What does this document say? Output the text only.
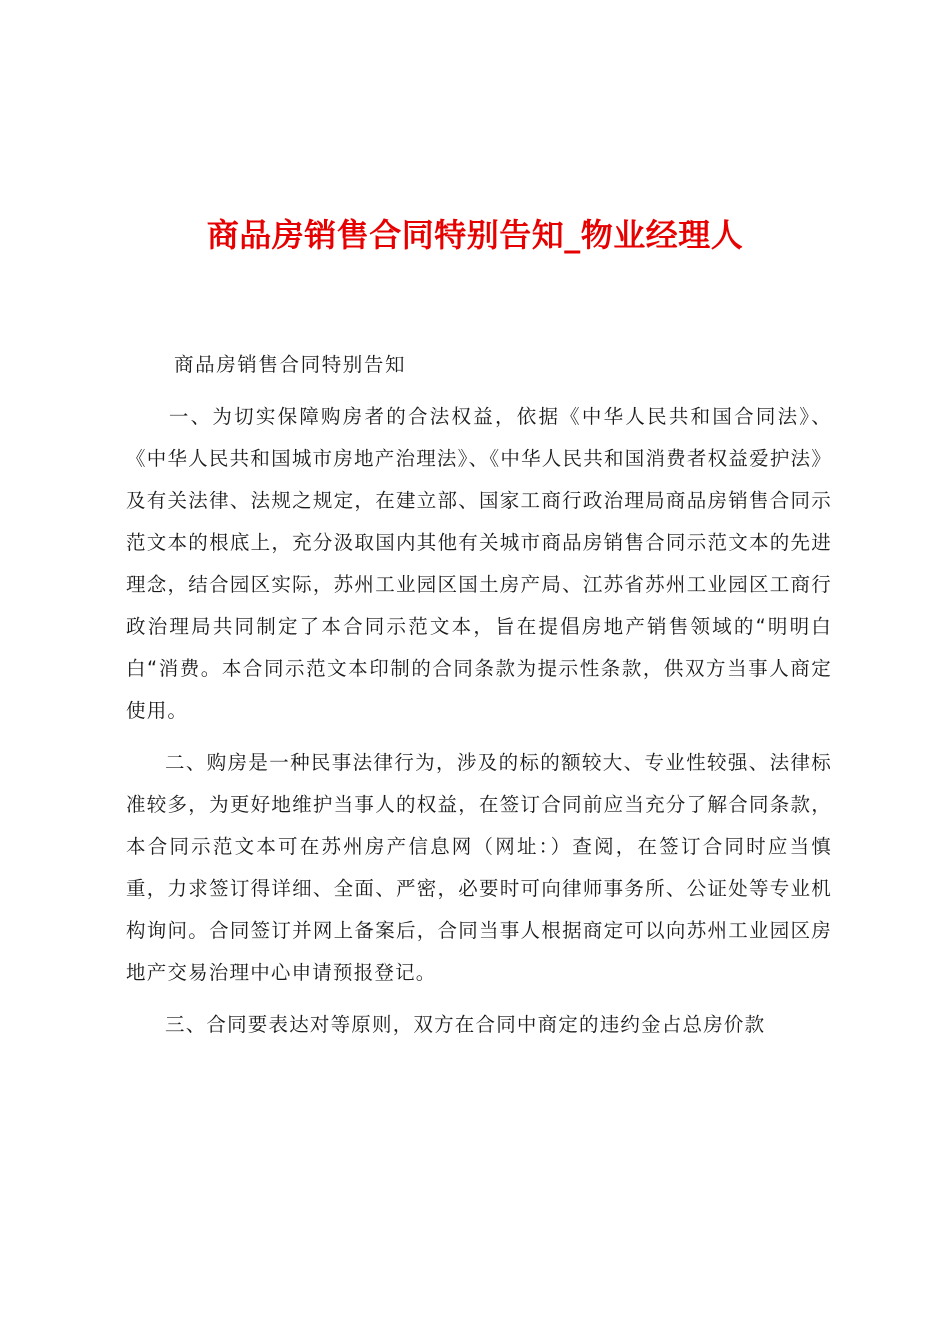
商品房销售合同特别告知_物业经理人

商品房销售合同特别告知

一、为切实保障购房者的合法权益，依据《中华人民共和国合同法》、《中华人民共和国城市房地产治理法》、《中华人民共和国消费者权益爱护法》及有关法律、法规之规定，在建立部、国家工商行政治理局商品房销售合同示范文本的根底上，充分汲取国内其他有关城市商品房销售合同示范文本的先进理念，结合园区实际，苏州工业园区国土房产局、江苏省苏州工业园区工商行政治理局共同制定了本合同示范文本，旨在提倡房地产销售领域的“明明白白“消费。本合同示范文本印制的合同条款为提示性条款，供双方当事人商定使用。

二、购房是一种民事法律行为，涉及的标的额较大、专业性较强、法律标准较多，为更好地维护当事人的权益，在签订合同前应当充分了解合同条款，本合同示范文本可在苏州房产信息网（网址：）查阅，在签订合同时应当慎重，力求签订得详细、全面、严密，必要时可向律师事务所、公证处等专业机构询问。合同签订并网上备案后，合同当事人根据商定可以向苏州工业园区房地产交易治理中心申请预报登记。

三、合同要表达对等原则，双方在合同中商定的违约金占总房价款
